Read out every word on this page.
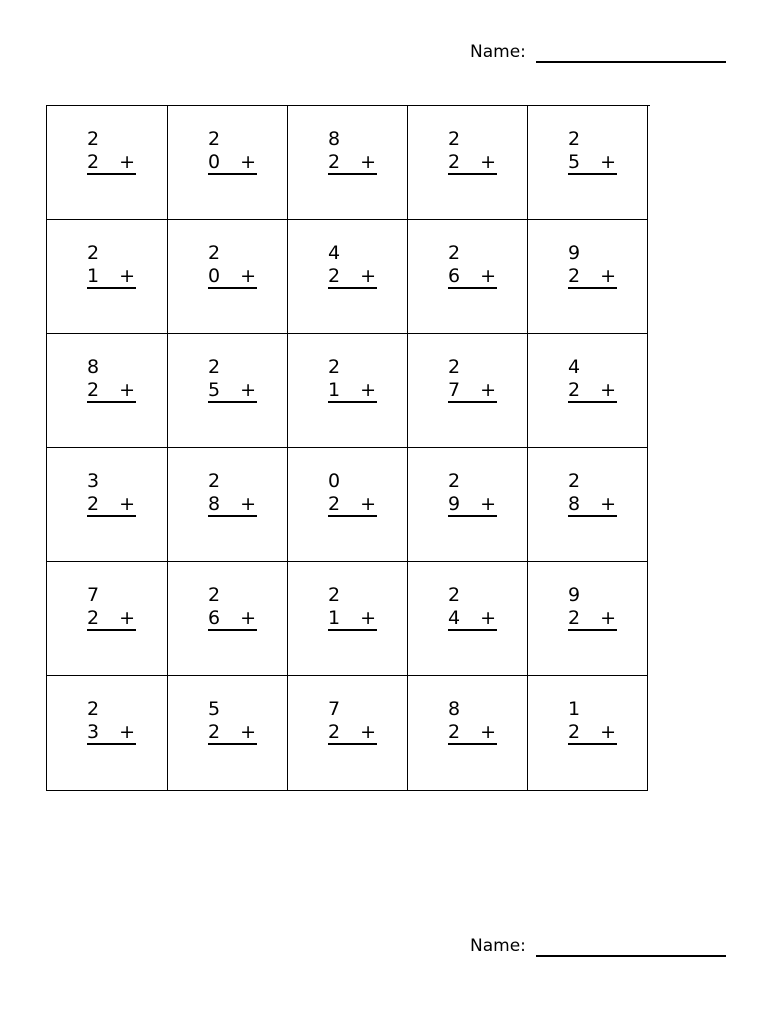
Name:
2
2 +
2
0 +
8
2 +
2
2 +
2
5 +
2
1 +
2
0 +
4
2 +
2
6 +
9
2 +
8
2 +
2
5 +
2
1 +
2
7 +
4
2 +
3
2 +
2
8 +
0
2 +
2
9 +
2
8 +
7
2 +
2
6 +
2
1 +
2
4 +
9
2 +
2
3 +
5
2 +
7
2 +
8
2 +
1
2 +
Name:
